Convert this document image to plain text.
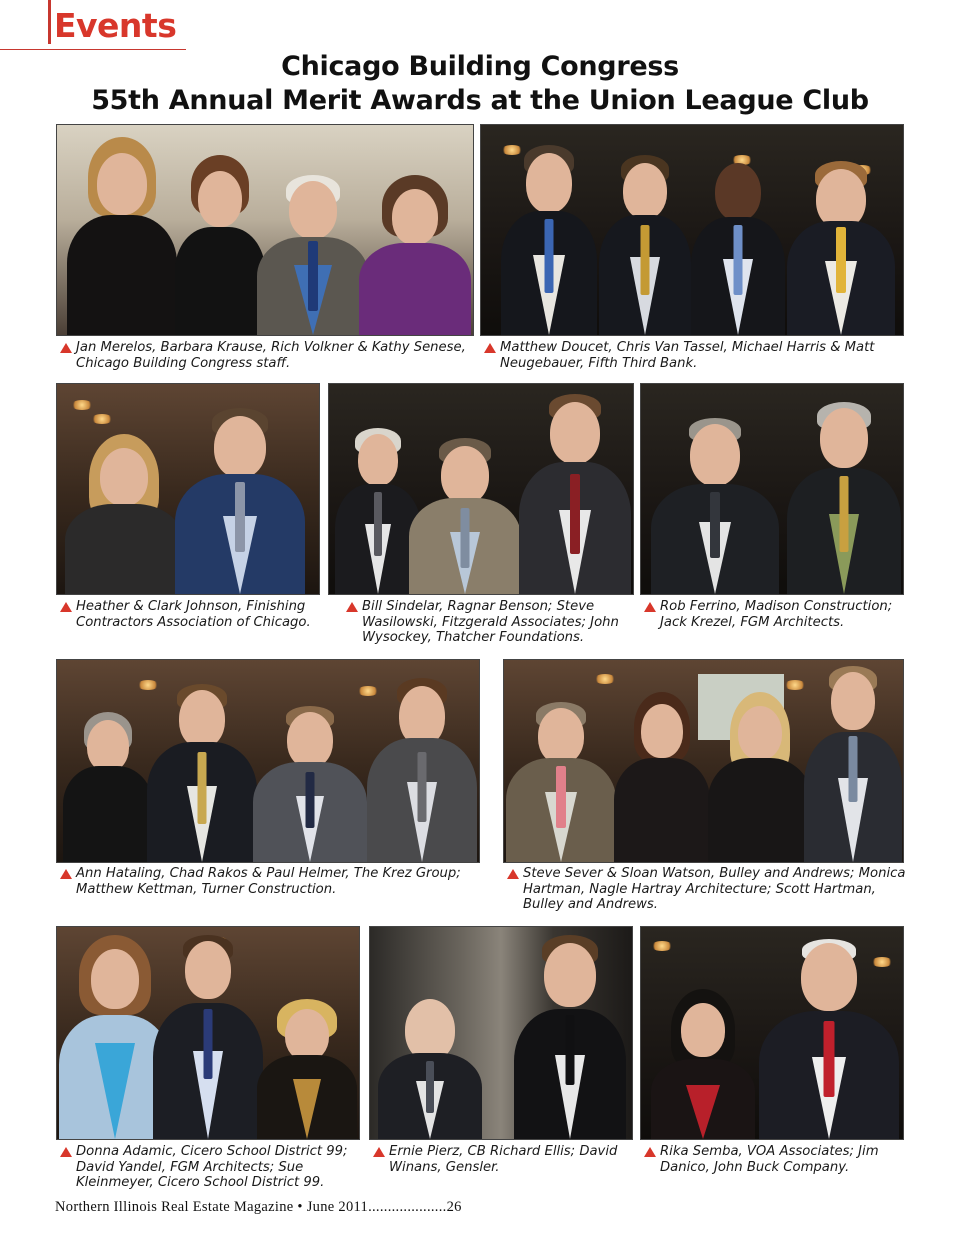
Events
Chicago Building Congress
55th Annual Merit Awards at the Union League Club
Jan Merelos, Barbara Krause, Rich Volkner & Kathy Senese, Chicago Building Congress staff.
Matthew Doucet, Chris Van Tassel, Michael Harris & Matt Neugebauer, Fifth Third Bank.
Heather & Clark Johnson, Finishing Contractors Association of Chicago.
Bill Sindelar, Ragnar Benson; Steve Wasilowski, Fitzgerald Associates; John Wysockey, Thatcher Foundations.
Rob Ferrino, Madison Construction; Jack Krezel, FGM Architects.
Ann Hataling, Chad Rakos & Paul Helmer, The Krez Group; Matthew Kettman, Turner Construction.
Steve Sever & Sloan Watson, Bulley and Andrews; Monica Hartman, Nagle Hartray Architecture; Scott Hartman, Bulley and Andrews.
Donna Adamic, Cicero School District 99; David Yandel, FGM Architects; Sue Kleinmeyer, Cicero School District 99.
Ernie Pierz, CB Richard Ellis; David Winans, Gensler.
Rika Semba, VOA Associates; Jim Danico, John Buck Company.
Northern Illinois Real Estate Magazine • June 2011....................26
